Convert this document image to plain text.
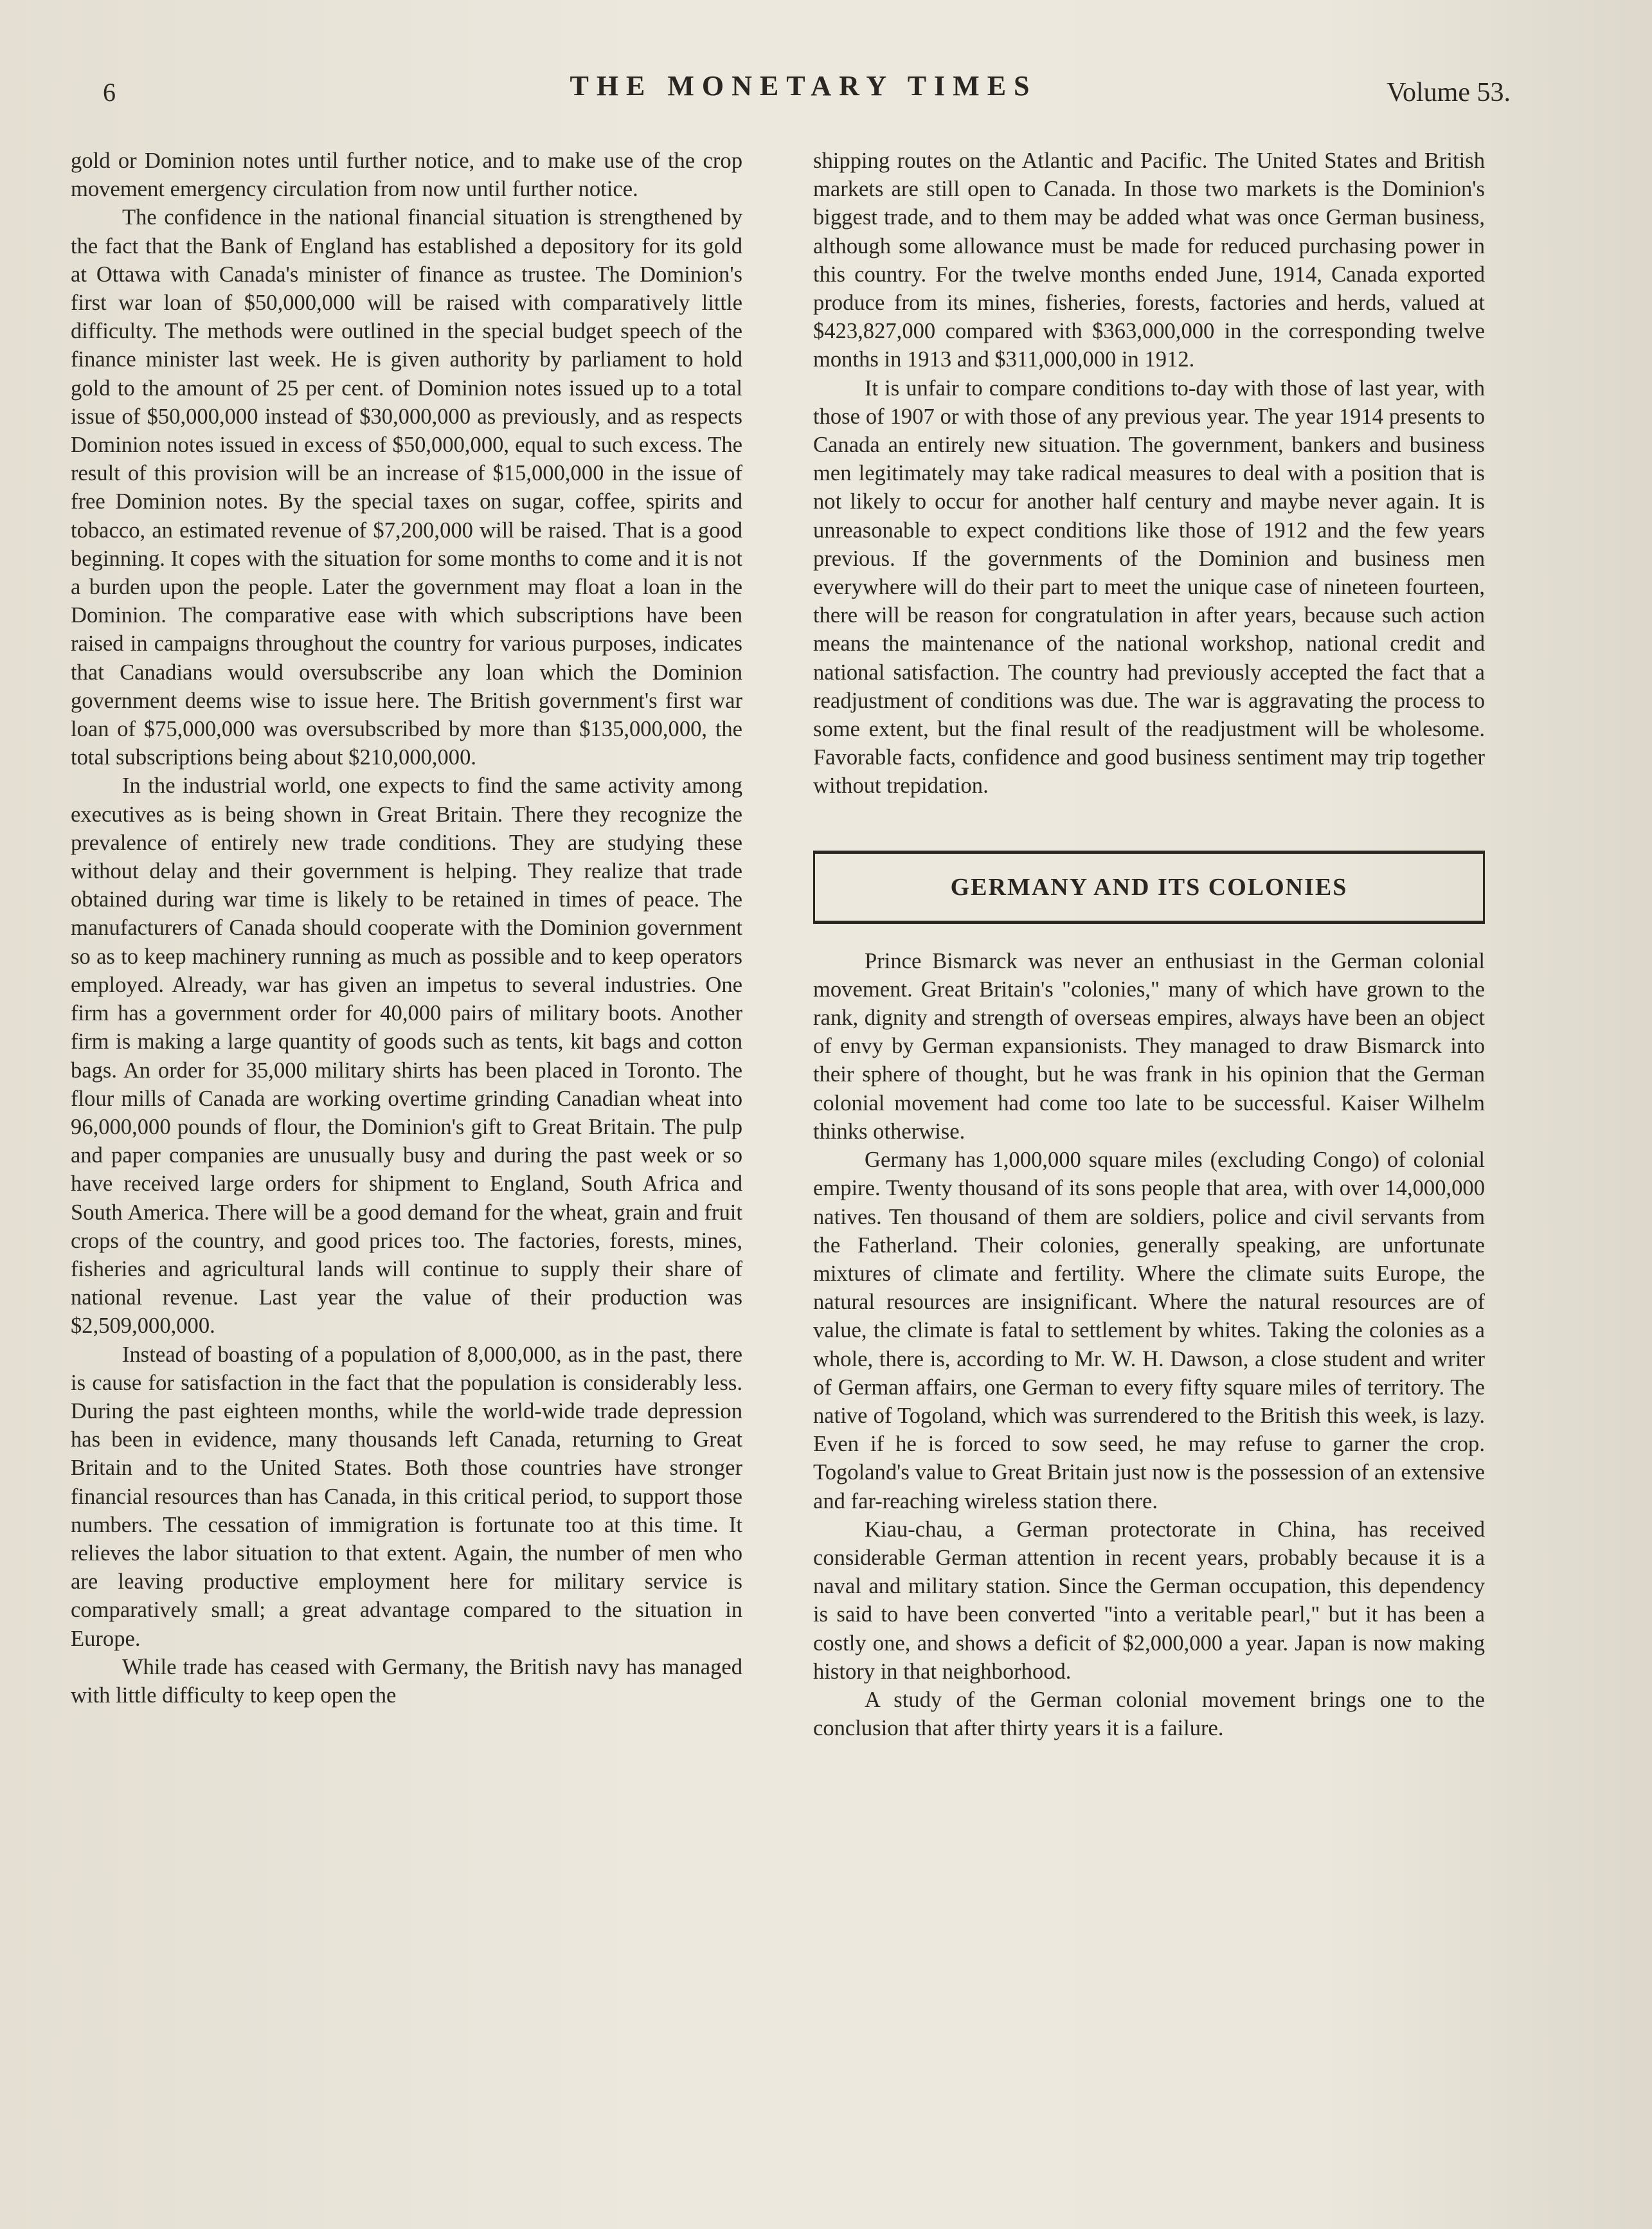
6	THE MONETARY TIMES	Volume 53.

gold or Dominion notes until further notice, and to make use of the crop movement emergency circulation from now until further notice.

The confidence in the national financial situation is strengthened by the fact that the Bank of England has established a depository for its gold at Ottawa with Canada's minister of finance as trustee. The Dominion's first war loan of $50,000,000 will be raised with comparatively little difficulty. The methods were outlined in the special budget speech of the finance minister last week. He is given authority by parliament to hold gold to the amount of 25 per cent. of Dominion notes issued up to a total issue of $50,000,000 instead of $30,000,000 as previously, and as respects Dominion notes issued in excess of $50,000,000, equal to such excess. The result of this provision will be an increase of $15,000,000 in the issue of free Dominion notes. By the special taxes on sugar, coffee, spirits and tobacco, an estimated revenue of $7,200,000 will be raised. That is a good beginning. It copes with the situation for some months to come and it is not a burden upon the people. Later the government may float a loan in the Dominion. The comparative ease with which subscriptions have been raised in campaigns throughout the country for various purposes, indicates that Canadians would oversubscribe any loan which the Dominion government deems wise to issue here. The British government's first war loan of $75,000,000 was oversubscribed by more than $135,000,000, the total subscriptions being about $210,000,000.

In the industrial world, one expects to find the same activity among executives as is being shown in Great Britain. There they recognize the prevalence of entirely new trade conditions. They are studying these without delay and their government is helping. They realize that trade obtained during war time is likely to be retained in times of peace. The manufacturers of Canada should cooperate with the Dominion government so as to keep machinery running as much as possible and to keep operators employed. Already, war has given an impetus to several industries. One firm has a government order for 40,000 pairs of military boots. Another firm is making a large quantity of goods such as tents, kit bags and cotton bags. An order for 35,000 military shirts has been placed in Toronto. The flour mills of Canada are working overtime grinding Canadian wheat into 96,000,000 pounds of flour, the Dominion's gift to Great Britain. The pulp and paper companies are unusually busy and during the past week or so have received large orders for shipment to England, South Africa and South America. There will be a good demand for the wheat, grain and fruit crops of the country, and good prices too. The factories, forests, mines, fisheries and agricultural lands will continue to supply their share of national revenue. Last year the value of their production was $2,509,000,000.

Instead of boasting of a population of 8,000,000, as in the past, there is cause for satisfaction in the fact that the population is considerably less. During the past eighteen months, while the world-wide trade depression has been in evidence, many thousands left Canada, returning to Great Britain and to the United States. Both those countries have stronger financial resources than has Canada, in this critical period, to support those numbers. The cessation of immigration is fortunate too at this time. It relieves the labor situation to that extent. Again, the number of men who are leaving productive employment here for military service is comparatively small; a great advantage compared to the situation in Europe.

While trade has ceased with Germany, the British navy has managed with little difficulty to keep open the

shipping routes on the Atlantic and Pacific. The United States and British markets are still open to Canada. In those two markets is the Dominion's biggest trade, and to them may be added what was once German business, although some allowance must be made for reduced purchasing power in this country. For the twelve months ended June, 1914, Canada exported produce from its mines, fisheries, forests, factories and herds, valued at $423,827,000 compared with $363,000,000 in the corresponding twelve months in 1913 and $311,000,000 in 1912.

It is unfair to compare conditions to-day with those of last year, with those of 1907 or with those of any previous year. The year 1914 presents to Canada an entirely new situation. The government, bankers and business men legitimately may take radical measures to deal with a position that is not likely to occur for another half century and maybe never again. It is unreasonable to expect conditions like those of 1912 and the few years previous. If the governments of the Dominion and business men everywhere will do their part to meet the unique case of nineteen fourteen, there will be reason for congratulation in after years, because such action means the maintenance of the national workshop, national credit and national satisfaction. The country had previously accepted the fact that a readjustment of conditions was due. The war is aggravating the process to some extent, but the final result of the readjustment will be wholesome. Favorable facts, confidence and good business sentiment may trip together without trepidation.

GERMANY AND ITS COLONIES

Prince Bismarck was never an enthusiast in the German colonial movement. Great Britain's "colonies," many of which have grown to the rank, dignity and strength of overseas empires, always have been an object of envy by German expansionists. They managed to draw Bismarck into their sphere of thought, but he was frank in his opinion that the German colonial movement had come too late to be successful. Kaiser Wilhelm thinks otherwise.

Germany has 1,000,000 square miles (excluding Congo) of colonial empire. Twenty thousand of its sons people that area, with over 14,000,000 natives. Ten thousand of them are soldiers, police and civil servants from the Fatherland. Their colonies, generally speaking, are unfortunate mixtures of climate and fertility. Where the climate suits Europe, the natural resources are insignificant. Where the natural resources are of value, the climate is fatal to settlement by whites. Taking the colonies as a whole, there is, according to Mr. W. H. Dawson, a close student and writer of German affairs, one German to every fifty square miles of territory. The native of Togoland, which was surrendered to the British this week, is lazy. Even if he is forced to sow seed, he may refuse to garner the crop. Togoland's value to Great Britain just now is the possession of an extensive and far-reaching wireless station there.

Kiau-chau, a German protectorate in China, has received considerable German attention in recent years, probably because it is a naval and military station. Since the German occupation, this dependency is said to have been converted "into a veritable pearl," but it has been a costly one, and shows a deficit of $2,000,000 a year. Japan is now making history in that neighborhood.

A study of the German colonial movement brings one to the conclusion that after thirty years it is a failure.
